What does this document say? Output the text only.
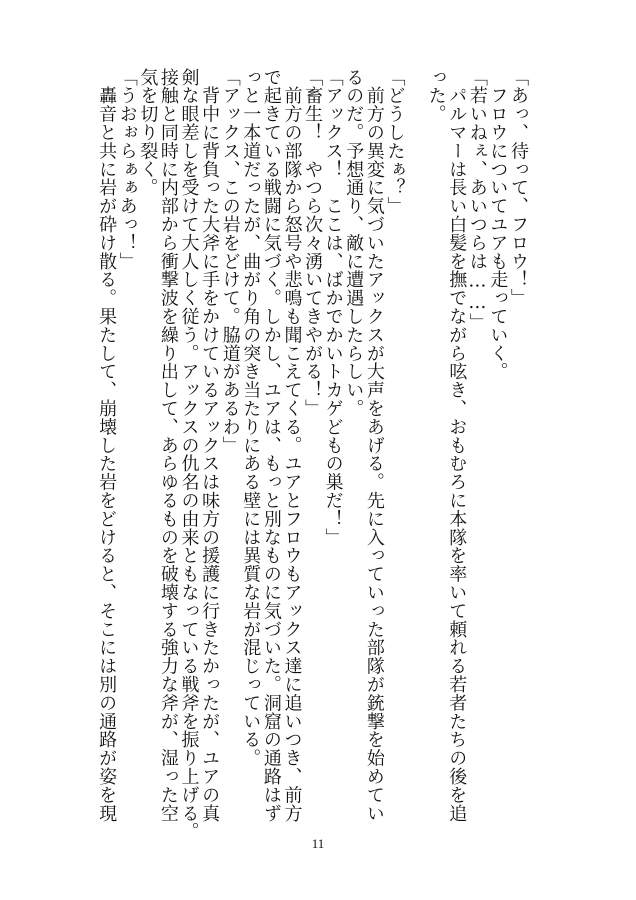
「あっ、待って、フロウ！」
　フロウについてユアも走っていく。
「若いねぇ、あいつらは……」
　パルマーは長い白髪を撫でながら呟き、おもむろに本隊を率いて頼れる若者たちの後を追
った。
「どうしたぁ？」
　前方の異変に気づいたアックスが大声をあげる。先に入っていった部隊が銃撃を始めてい
るのだ。予想通り、敵に遭遇したらしい。
「アックス！　ここは、ばかでかいトカゲどもの巣だ！」
「畜生！　やつら次々湧いてきやがる！」
　前方の部隊から怒号や悲鳴も聞こえてくる。ユアとフロウもアックス達に追いつき、前方
で起きている戦闘に気づく。しかし、ユアは、もっと別なものに気づいた。洞窟の通路はず
っと一本道だったが、曲がり角の突き当たりにある壁には異質な岩が混じっている。
「アックス、この岩をどけて。脇道があるわ」
　背中に背負った大斧に手をかけているアックスは味方の援護に行きたかったが、ユアの真
剣な眼差しを受けて大人しく従う。アックスの仇名の由来ともなっている戦斧を振り上げる。
接触と同時に内部から衝撃波を繰り出して、あらゆるものを破壊する強力な斧が、湿った空
気を切り裂く。
「うおぉらぁぁあっ！」
　轟音と共に岩が砕け散る。果たして、崩壊した岩をどけると、そこには別の通路が姿を現
11
